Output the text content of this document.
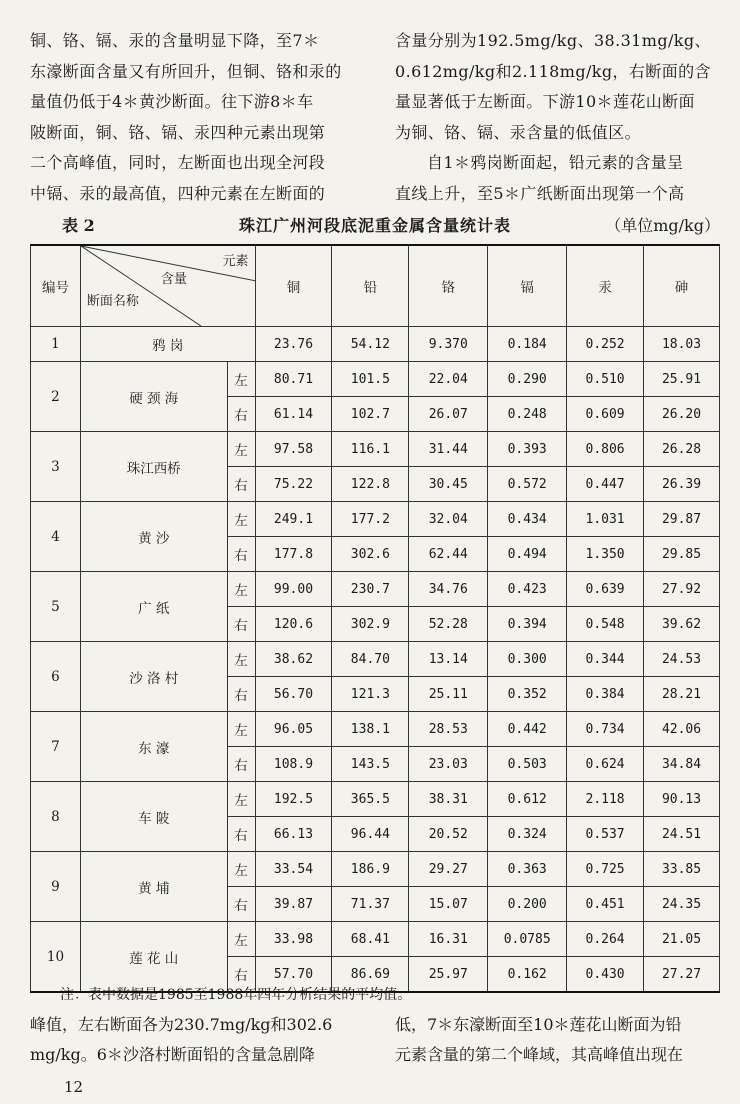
铜、铬、镉、汞的含量明显下降，至7＊
东濠断面含量又有所回升，但铜、铬和汞的
量值仍低于4＊黄沙断面。往下游8＊车
陂断面，铜、铬、镉、汞四种元素出现第
二个高峰值，同时，左断面也出现全河段
中镉、汞的最高值，四种元素在左断面的

含量分别为192.5mg/kg、38.31mg/kg、
0.612mg/kg和2.118mg/kg，右断面的含
量显著低于左断面。下游10＊莲花山断面
为铜、铬、镉、汞含量的低值区。

自1＊鸦岗断面起，铅元素的含量呈
直线上升，至5＊广纸断面出现第一个高

珠江广州河段底泥重金属含量统计表
表 2	（单位mg/kg）
编号	元素
含量
断面名称		铜	铅	铬	镉	汞	砷
1	鸦 岗		23.76	54.12	9.370	0.184	0.252	18.03
2	硬 颈 海	左	80.71	101.5	22.04	0.290	0.510	25.91
		右	61.14	102.7	26.07	0.248	0.609	26.20
3	珠江西桥	左	97.58	116.1	31.44	0.393	0.806	26.28
		右	75.22	122.8	30.45	0.572	0.447	26.39
4	黄 沙	左	249.1	177.2	32.04	0.434	1.031	29.87
		右	177.8	302.6	62.44	0.494	1.350	29.85
5	广 纸	左	99.00	230.7	34.76	0.423	0.639	27.92
		右	120.6	302.9	52.28	0.394	0.548	39.62
6	沙 洛 村	左	38.62	84.70	13.14	0.300	0.344	24.53
		右	56.70	121.3	25.11	0.352	0.384	28.21
7	东 濠	左	96.05	138.1	28.53	0.442	0.734	42.06
		右	108.9	143.5	23.03	0.503	0.624	34.84
8	车 陂	左	192.5	365.5	38.31	0.612	2.118	90.13
		右	66.13	96.44	20.52	0.324	0.537	24.51
9	黄 埔	左	33.54	186.9	29.27	0.363	0.725	33.85
		右	39.87	71.37	15.07	0.200	0.451	24.35
10	莲 花 山	左	33.98	68.41	16.31	0.0785	0.264	21.05
		右	57.70	86.69	25.97	0.162	0.430	27.27
注：表中数据是1985至1988年四年分析结果的平均值。
峰值，左右断面各为230.7mg/kg和302.6
mg/kg。6＊沙洛村断面铅的含量急剧降
低，7＊东濠断面至10＊莲花山断面为铅
元素含量的第二个峰域，其高峰值出现在
12
